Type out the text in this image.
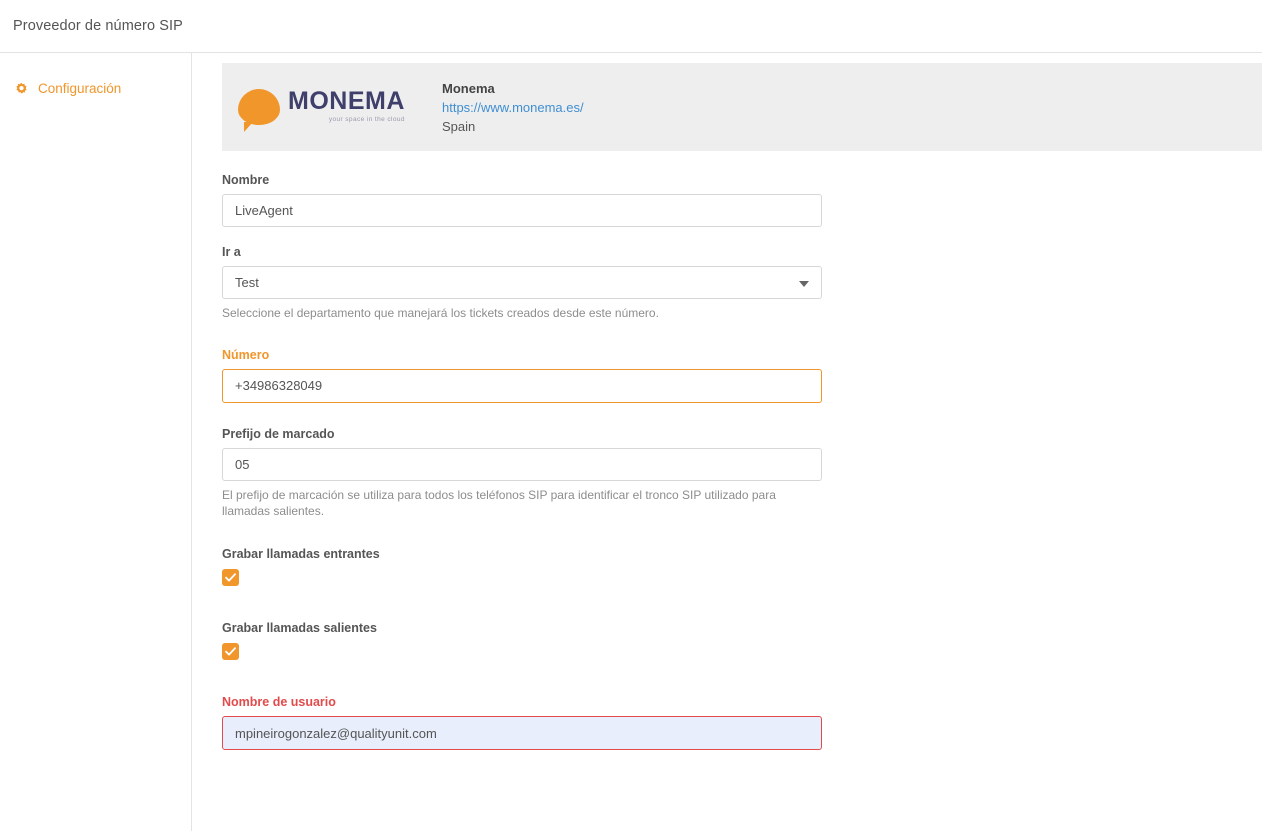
Proveedor de número SIP
Configuración	MONEMA
your space in the cloud
Monema
https://www.monema.es/
Spain
Nombre
LiveAgent
Ir a
Test
Seleccione el departamento que manejará los tickets creados desde este número.
Número
+34986328049
Prefijo de marcado
05
El prefijo de marcación se utiliza para todos los teléfonos SIP para identificar el tronco SIP utilizado para llamadas salientes.
Grabar llamadas entrantes
Grabar llamadas salientes
Nombre de usuario
mpineirogonzalez@qualityunit.com
